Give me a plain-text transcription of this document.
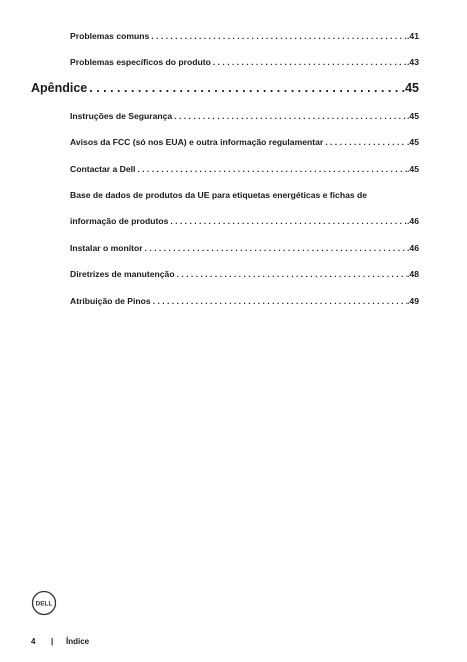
Problemas comuns . . .	.41
Problemas específicos do produto . . .	.43
Apêndice . . .	.45
Instruções de Segurança . . .	.45
Avisos da FCC (só nos EUA) e outra informação regulamentar . . .	.45
Contactar a Dell . . .	.45
Base de dados de produtos da UE para etiquetas energéticas e fichas de
informação de produtos . . .	.46
Instalar o monitor . . .	.46
Diretrizes de manutenção . . .	.48
Atribuição de Pinos . . .	.49
DELL
4 | Índice
